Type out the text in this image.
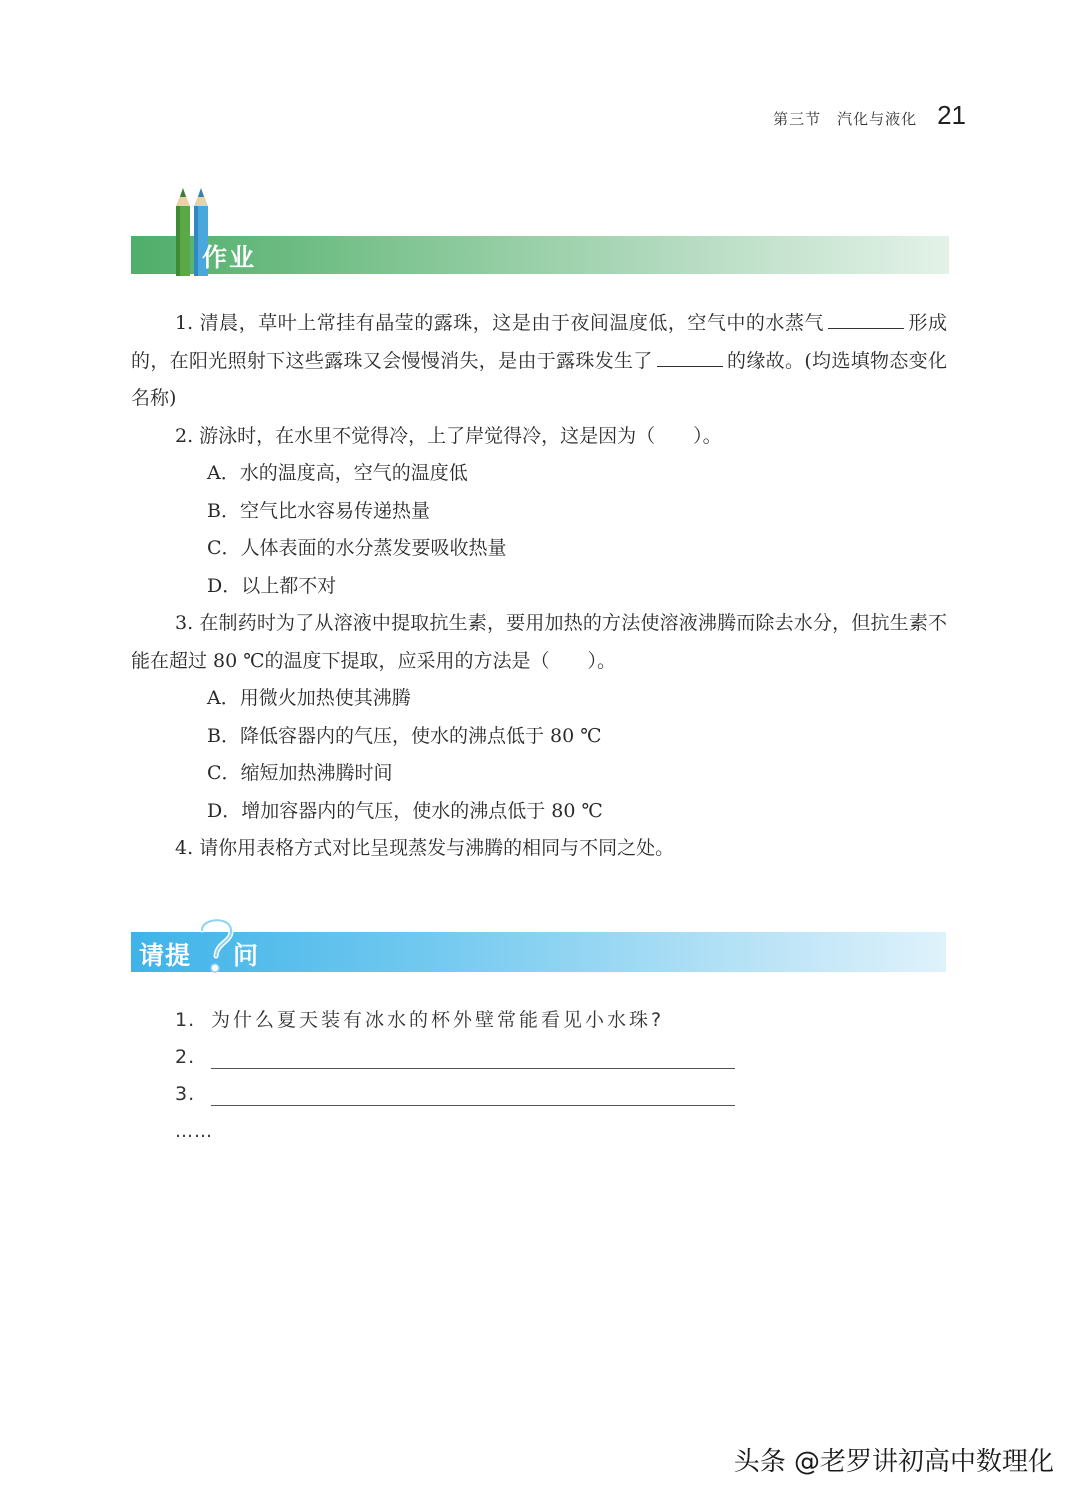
第三节　汽化与液化 21
作业

1. 清晨，草叶上常挂有晶莹的露珠，这是由于夜间温度低，空气中的水蒸气	形成的，在阳光照射下这些露珠又会慢慢消失，是由于露珠发生了	的缘故。(均选填物态变化名称)

2. 游泳时，在水里不觉得冷，上了岸觉得冷，这是因为（　　）。

A．水的温度高，空气的温度低

B．空气比水容易传递热量

C．人体表面的水分蒸发要吸收热量

D．以上都不对

3. 在制药时为了从溶液中提取抗生素，要用加热的方法使溶液沸腾而除去水分，但抗生素不能在超过 80 ℃的温度下提取，应采用的方法是（　　）。

A．用微火加热使其沸腾

B．降低容器内的气压，使水的沸点低于 80 ℃

C．缩短加热沸腾时间

D．增加容器内的气压，使水的沸点低于 80 ℃

4. 请你用表格方式对比呈现蒸发与沸腾的相同与不同之处。

请提 问
1. 为什么夏天装有冰水的杯外壁常能看见小水珠?
2.
3.
……
头条 @老罗讲初高中数理化
